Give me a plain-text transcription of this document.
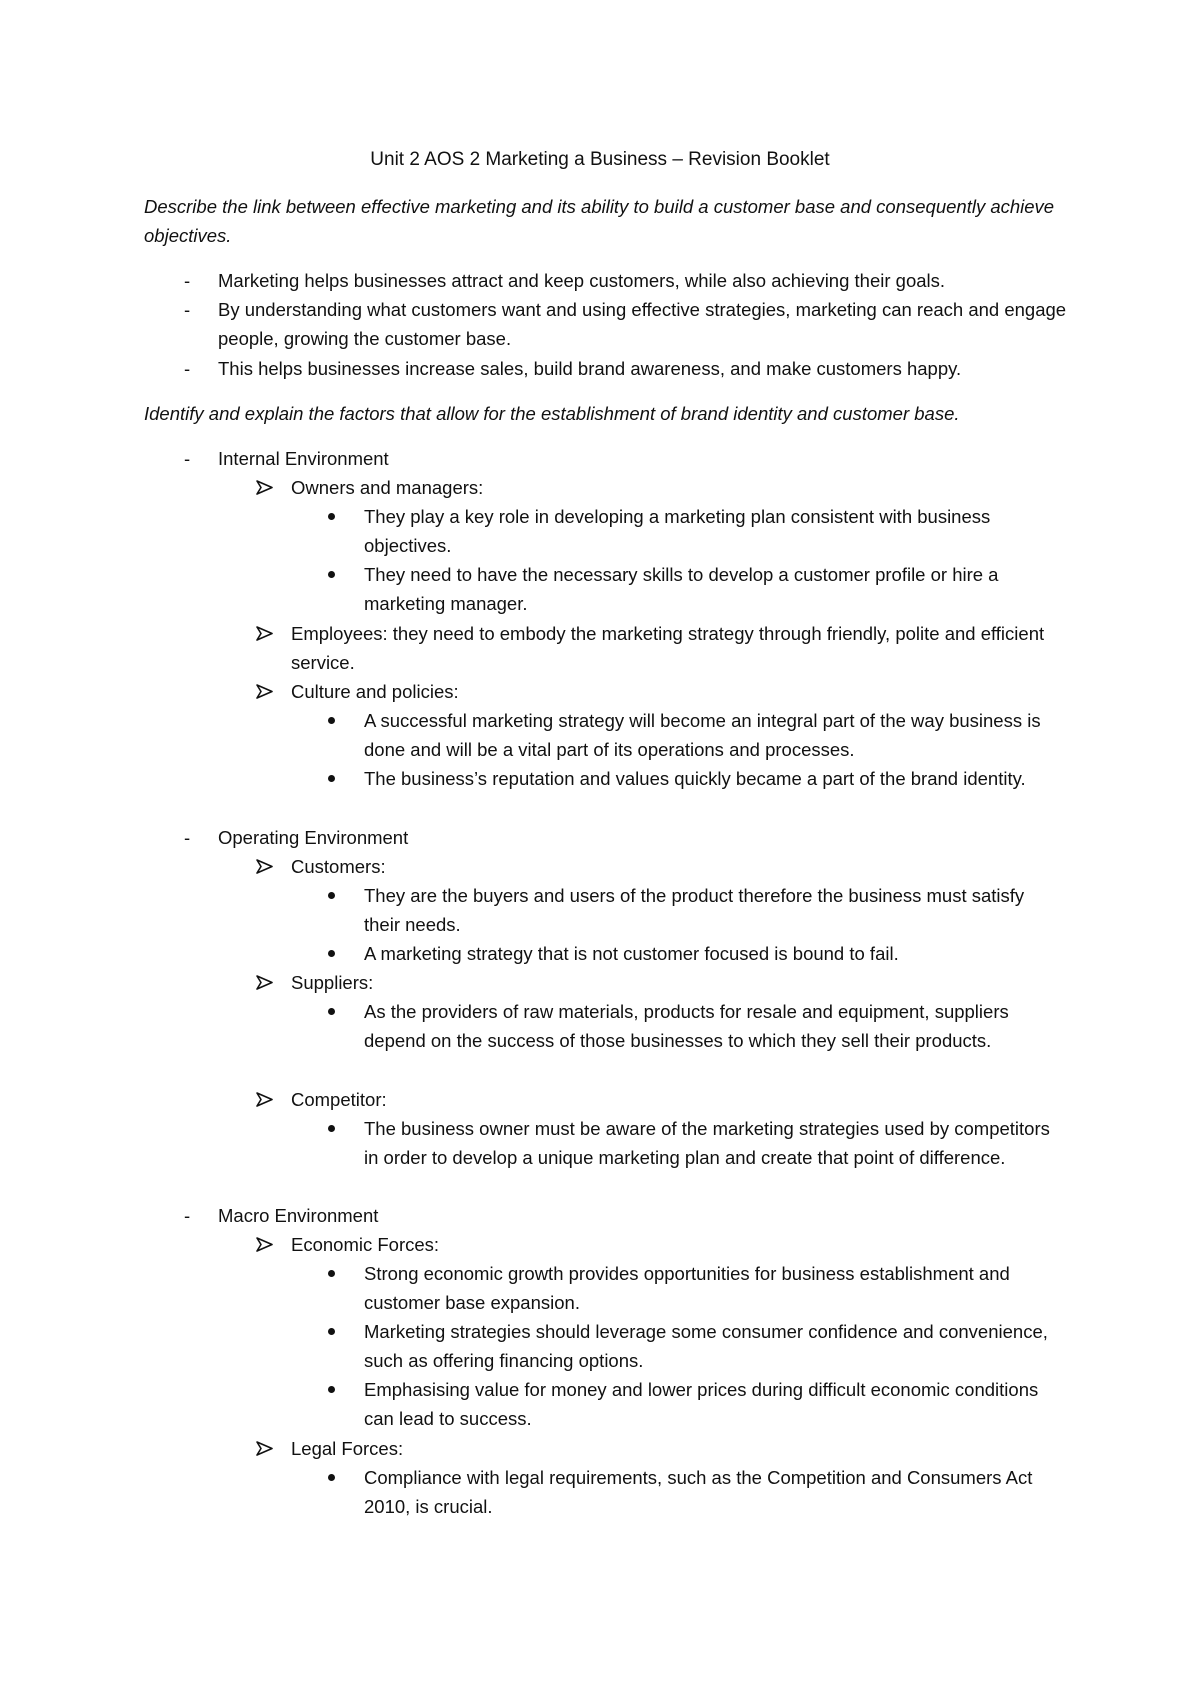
Unit 2 AOS 2 Marketing a Business – Revision Booklet
Describe the link between effective marketing and its ability to build a customer base and consequently achieve objectives.
- Marketing helps businesses attract and keep customers, while also achieving their goals.
- By understanding what customers want and using effective strategies, marketing can reach and engage people, growing the customer base.
- This helps businesses increase sales, build brand awareness, and make customers happy.
Identify and explain the factors that allow for the establishment of brand identity and customer base.
- Internal Environment
Owners and managers:
They play a key role in developing a marketing plan consistent with business objectives.
They need to have the necessary skills to develop a customer profile or hire a marketing manager.
Employees: they need to embody the marketing strategy through friendly, polite and efficient service.
Culture and policies:
A successful marketing strategy will become an integral part of the way business is done and will be a vital part of its operations and processes.
The business’s reputation and values quickly became a part of the brand identity.
- Operating Environment
Customers:
They are the buyers and users of the product therefore the business must satisfy their needs.
A marketing strategy that is not customer focused is bound to fail.
Suppliers:
As the providers of raw materials, products for resale and equipment, suppliers depend on the success of those businesses to which they sell their products.
Competitor:
The business owner must be aware of the marketing strategies used by competitors in order to develop a unique marketing plan and create that point of difference.
- Macro Environment
Economic Forces:
Strong economic growth provides opportunities for business establishment and customer base expansion.
Marketing strategies should leverage some consumer confidence and convenience, such as offering financing options.
Emphasising value for money and lower prices during difficult economic conditions can lead to success.
Legal Forces:
Compliance with legal requirements, such as the Competition and Consumers Act 2010, is crucial.
